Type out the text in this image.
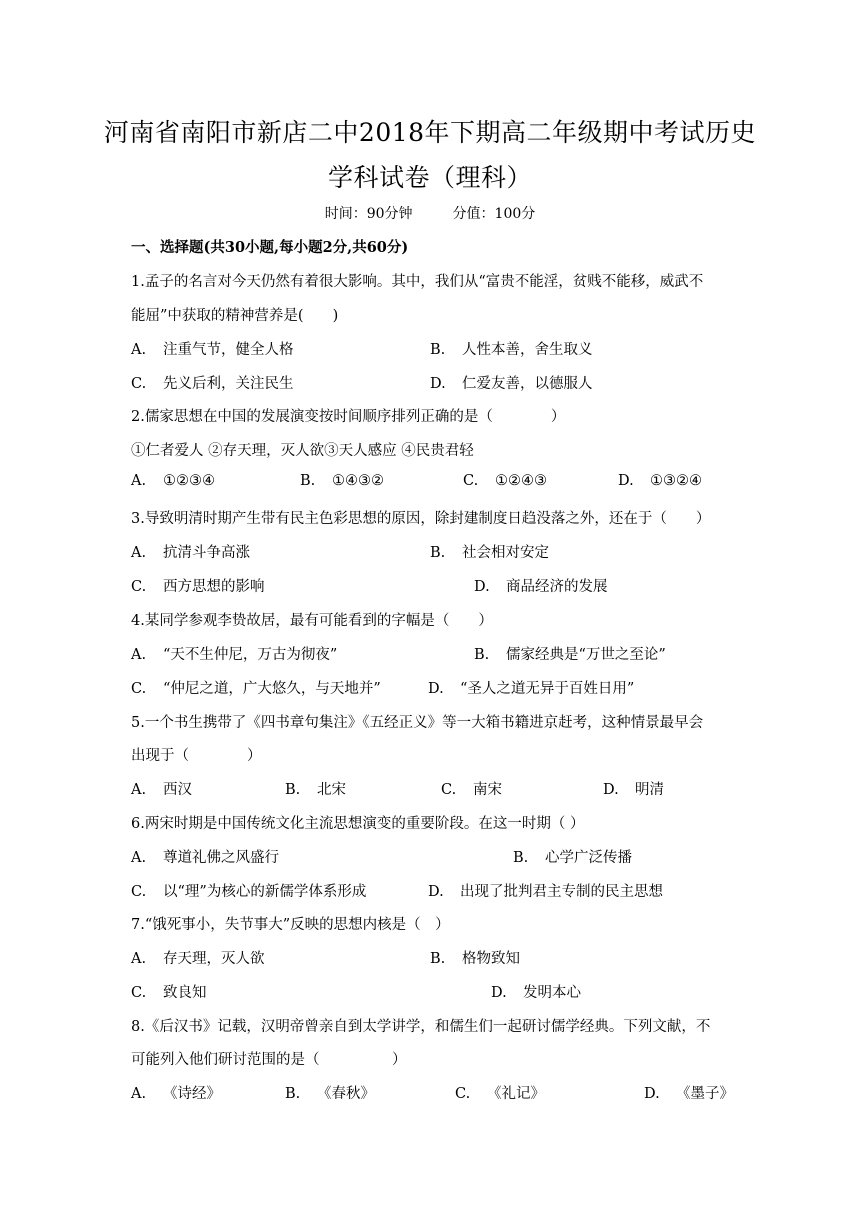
河南省南阳市新店二中2018年下期高二年级期中考试历史
学科试卷（理科）
时间：90分钟	分值：100分
一、选择题(共30小题,每小题2分,共60分)
1.孟子的名言对今天仍然有着很大影响。其中，我们从“富贵不能淫，贫贱不能移，威武不
能屈”中获取的精神营养是(　　)
A. 注重气节，健全人格	B. 人性本善，舍生取义
C. 先义后利，关注民生	D. 仁爱友善，以德服人
2.儒家思想在中国的发展演变按时间顺序排列正确的是（　　　　）
①仁者爱人 ②存天理，灭人欲③天人感应 ④民贵君轻
A. ①②③④	B. ①④③②	C. ①②④③	D. ①③②④
3.导致明清时期产生带有民主色彩思想的原因，除封建制度日趋没落之外，还在于（　　）
A. 抗清斗争高涨	B. 社会相对安定
C. 西方思想的影响	D. 商品经济的发展
4.某同学参观李贽故居，最有可能看到的字幅是（　　）
A. “天不生仲尼，万古为彻夜”	B. 儒家经典是“万世之至论”
C. “仲尼之道，广大悠久，与天地并”	D. “圣人之道无异于百姓日用”
5.一个书生携带了《四书章句集注》《五经正义》等一大箱书籍进京赶考，这种情景最早会
出现于（　　　　）
A. 西汉	B. 北宋	C. 南宋	D. 明清
6.两宋时期是中国传统文化主流思想演变的重要阶段。在这一时期（ ）
A. 尊道礼佛之风盛行	B. 心学广泛传播
C. 以“理”为核心的新儒学体系形成	D. 出现了批判君主专制的民主思想
7.“饿死事小，失节事大”反映的思想内核是（　）
A. 存天理，灭人欲	B. 格物致知
C. 致良知	D. 发明本心
8.《后汉书》记载，汉明帝曾亲自到太学讲学，和儒生们一起研讨儒学经典。下列文献，不
可能列入他们研讨范围的是（　　　　　）
A. 《诗经》	B. 《春秋》	C. 《礼记》	D. 《墨子》
